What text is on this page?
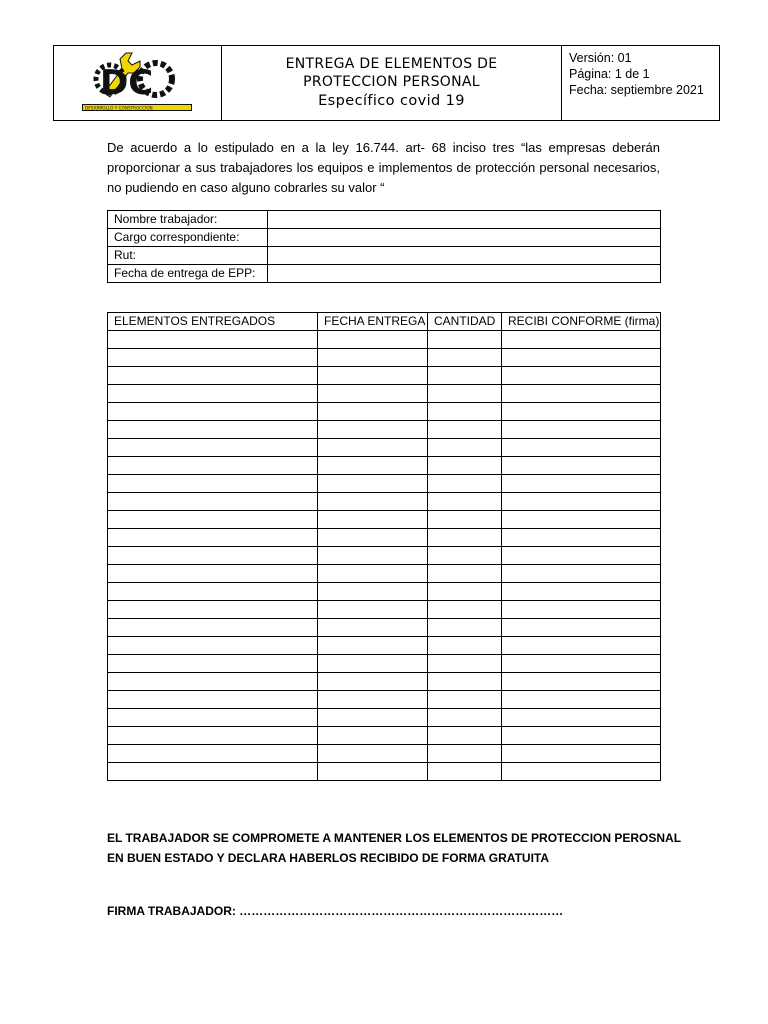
DC
DESARROLLO Y CONSTRUCCION
ENTREGA DE ELEMENTOS DE
PROTECCION PERSONAL
Específico covid 19
Versión: 01
Página: 1 de 1
Fecha: septiembre 2021
De acuerdo a lo estipulado en a la ley 16.744. art- 68 inciso tres “las empresas deberán proporcionar a sus trabajadores los equipos e implementos de protección personal necesarios, no pudiendo en caso alguno cobrarles su valor “
Nombre trabajador:	
Cargo correspondiente:	
Rut:	
Fecha de entrega de EPP:	
ELEMENTOS ENTREGADOS	FECHA ENTREGA	CANTIDAD	RECIBI CONFORME (firma)

EL TRABAJADOR SE COMPROMETE A MANTENER LOS ELEMENTOS DE PROTECCION PEROSNAL
EN BUEN ESTADO Y DECLARA HABERLOS RECIBIDO DE FORMA GRATUITA
FIRMA TRABAJADOR: ………………………………………………………………………
